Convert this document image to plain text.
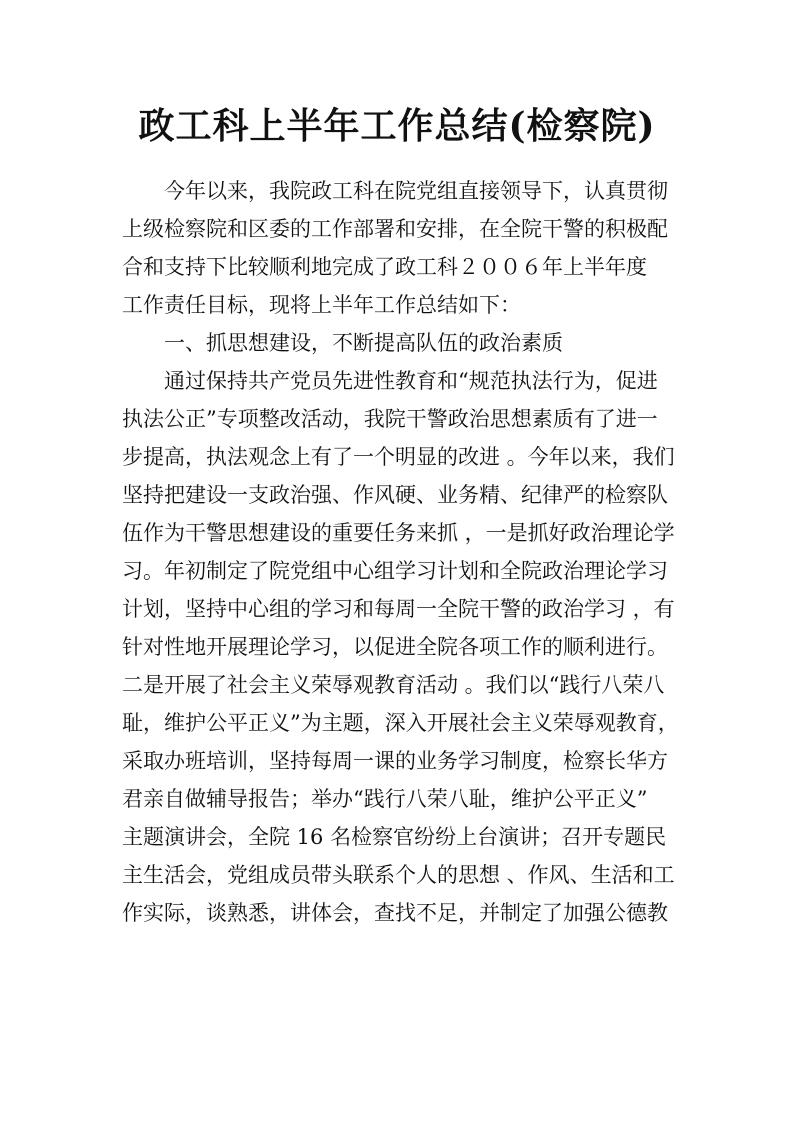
政工科上半年工作总结(检察院)
今年以来，我院政工科在院党组直接领导下，认真贯彻
上级检察院和区委的工作部署和安排，在全院干警的积极配
合和支持下比较顺利地完成了政工科２００６年上半年度
工作责任目标，现将上半年工作总结如下：
一、抓思想建设，不断提高队伍的政治素质
通过保持共产党员先进性教育和“规范执法行为，促进
执法公正”专项整改活动，我院干警政治思想素质有了进一
步提高，执法观念上有了一个明显的改进 。今年以来，我们
坚持把建设一支政治强、作风硬、业务精、纪律严的检察队
伍作为干警思想建设的重要任务来抓 ，一是抓好政治理论学
习。年初制定了院党组中心组学习计划和全院政治理论学习
计划，坚持中心组的学习和每周一全院干警的政治学习 ，有
针对性地开展理论学习，以促进全院各项工作的顺利进行。
二是开展了社会主义荣辱观教育活动 。我们以“践行八荣八
耻，维护公平正义”为主题，深入开展社会主义荣辱观教育，
采取办班培训，坚持每周一课的业务学习制度，检察长华方
君亲自做辅导报告；举办“践行八荣八耻，维护公平正义”
主题演讲会，全院 16 名检察官纷纷上台演讲；召开专题民
主生活会，党组成员带头联系个人的思想 、作风、生活和工
作实际，谈熟悉，讲体会，查找不足，并制定了加强公德教
